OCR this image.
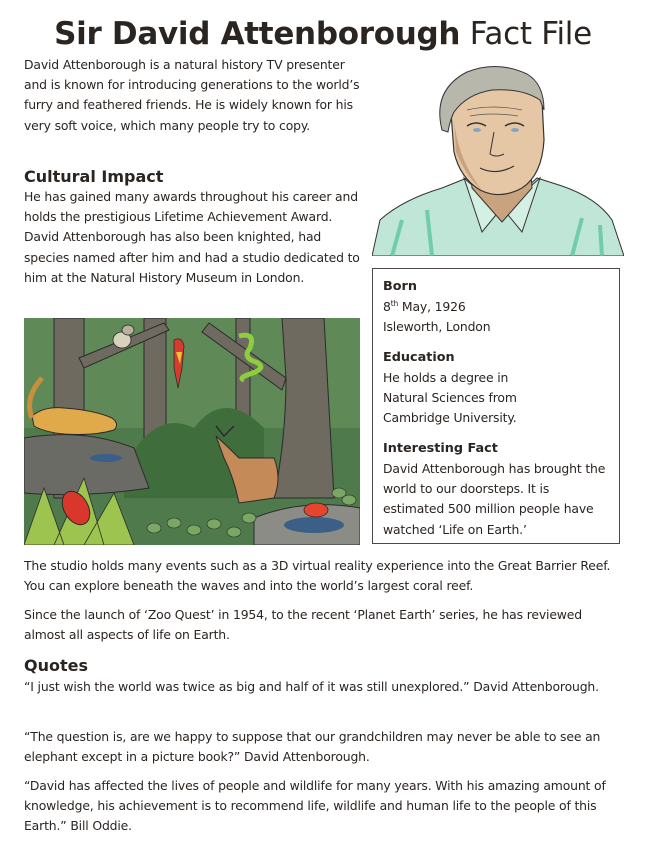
Sir David Attenborough Fact File

David Attenborough is a natural history TV presenter and is known for introducing generations to the world’s furry and feathered friends. He is widely known for his very soft voice, which many people try to copy.

Cultural Impact

He has gained many awards throughout his career and holds the prestigious Lifetime Achievement Award. David Attenborough has also been knighted, had species named after him and had a studio dedicated to him at the Natural History Museum in London.

Born
8th May, 1926
Isleworth, London
Education
He holds a degree in Natural Sciences from Cambridge University.
Interesting Fact
David Attenborough has brought the world to our doorsteps. It is estimated 500 million people have watched ‘Life on Earth.’

The studio holds many events such as a 3D virtual reality experience into the Great Barrier Reef. You can explore beneath the waves and into the world’s largest coral reef.

Since the launch of ‘Zoo Quest’ in 1954, to the recent ‘Planet Earth’ series, he has reviewed almost all aspects of life on Earth.

Quotes

“I just wish the world was twice as big and half of it was still unexplored.” David Attenborough.

“The question is, are we happy to suppose that our grandchildren may never be able to see an elephant except in a picture book?” David Attenborough.

“David has affected the lives of people and wildlife for many years. With his amazing amount of knowledge, his achievement is to recommend life, wildlife and human life to the people of this Earth.” Bill Oddie.
